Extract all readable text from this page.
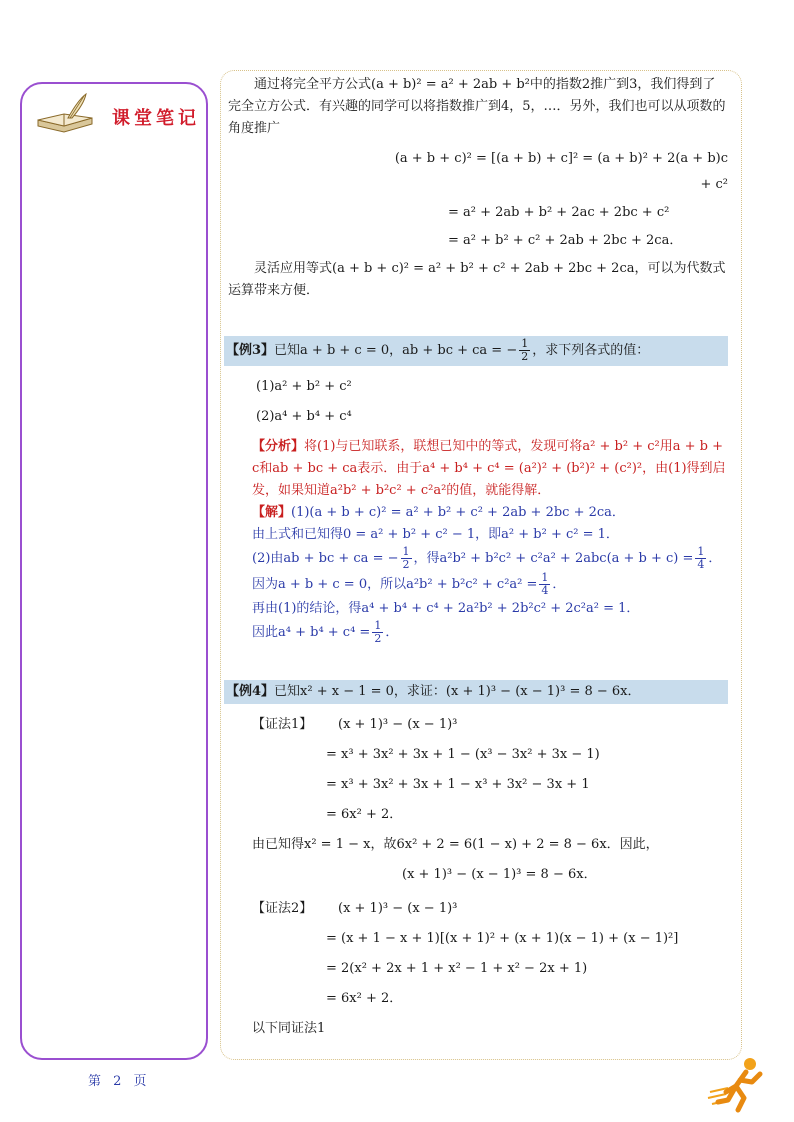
课堂笔记

通过将完全平方公式(a + b)² = a² + 2ab + b²中的指数2推广到3，我们得到了完全立方公式．有兴趣的同学可以将指数推广到4，5，…．另外，我们也可以从项数的角度推广

(a + b + c)² = [(a + b) + c]² = (a + b)² + 2(a + b)c + c²

= a² + 2ab + b² + 2ac + 2bc + c²

= a² + b² + c² + 2ab + 2bc + 2ca．

灵活应用等式(a + b + c)² = a² + b² + c² + 2ab + 2bc + 2ca，可以为代数式运算带来方便．

【例3】已知a + b + c = 0，ab + bc + ca = − $\frac{1}{2}$ ，求下列各式的值：

(1)a² + b² + c²

(2)a⁴ + b⁴ + c⁴

【分析】将(1)与已知联系，联想已知中的等式，发现可将a² + b² + c²用a + b + c和ab + bc + ca表示．由于a⁴ + b⁴ + c⁴ = (a²)² + (b²)² + (c²)²，由(1)得到启发，如果知道a²b² + b²c² + c²a²的值，就能得解．

【解】(1)(a + b + c)² = a² + b² + c² + 2ab + 2bc + 2ca．

由上式和已知得0 = a² + b² + c² − 1，即a² + b² + c² = 1．

(2)由ab + bc + ca = − $\frac{1}{2}$ ，得$a^2b^2 + b^2c^2 + c^2a^2 + 2abc(a + b + c) = \frac{1}{4}$ ．

因为a + b + c = 0，所以$a^2b^2 + b^2c^2 + c^2a^2 = \frac{1}{4}$ ．

再由(1)的结论，得a⁴ + b⁴ + c⁴ + 2a²b² + 2b²c² + 2c²a² = 1．

因此$a^4 + b^4 + c^4 = \frac{1}{2}$ ．

【例4】已知x² + x − 1 = 0，求证：(x + 1)³ − (x − 1)³ = 8 − 6x．

【证法1】 (x + 1)³ − (x − 1)³

= x³ + 3x² + 3x + 1 − (x³ − 3x² + 3x − 1)

= x³ + 3x² + 3x + 1 − x³ + 3x² − 3x + 1

= 6x² + 2．

由已知得x² = 1 − x，故6x² + 2 = 6(1 − x) + 2 = 8 − 6x．因此，

(x + 1)³ − (x − 1)³ = 8 − 6x．

【证法2】 (x + 1)³ − (x − 1)³

= (x + 1 − x + 1)[(x + 1)² + (x + 1)(x − 1) + (x − 1)²]

= 2(x² + 2x + 1 + x² − 1 + x² − 2x + 1)

= 6x² + 2．

以下同证法1

第 2 页
